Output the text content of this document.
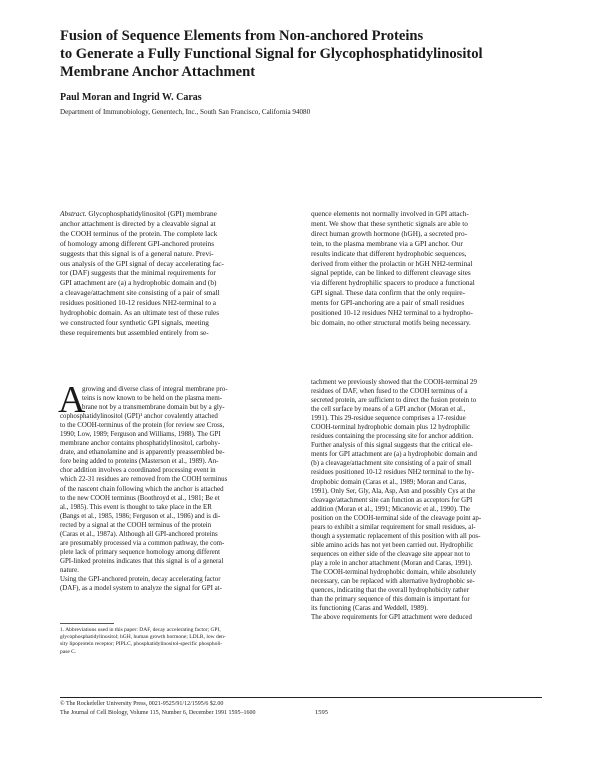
Fusion of Sequence Elements from Non-anchored Proteins
to Generate a Fully Functional Signal for Glycophosphatidylinositol
Membrane Anchor Attachment
Paul Moran and Ingrid W. Caras
Department of Immunobiology, Genentech, Inc., South San Francisco, California 94080
Abstract. Glycophosphatidylinositol (GPI) membrane
anchor attachment is directed by a cleavable signal at
the COOH terminus of the protein. The complete lack
of homology among different GPI-anchored proteins
suggests that this signal is of a general nature. Previ-
ous analysis of the GPI signal of decay accelerating fac-
tor (DAF) suggests that the minimal requirements for
GPI attachment are (a) a hydrophobic domain and (b)
a cleavage/attachment site consisting of a pair of small
residues positioned 10-12 residues NH2-terminal to a
hydrophobic domain. As an ultimate test of these rules
we constructed four synthetic GPI signals, meeting
these requirements but assembled entirely from se-
quence elements not normally involved in GPI attach-
ment. We show that these synthetic signals are able to
direct human growth hormone (hGH), a secreted pro-
tein, to the plasma membrane via a GPI anchor. Our
results indicate that different hydrophobic sequences,
derived from either the prolactin or hGH NH2-terminal
signal peptide, can be linked to different cleavage sites
via different hydrophilic spacers to produce a functional
GPI signal. These data confirm that the only require-
ments for GPI-anchoring are a pair of small residues
positioned 10-12 residues NH2 terminal to a hydropho-
bic domain, no other structural motifs being necessary.
A
growing and diverse class of integral membrane pro-
teins is now known to be held on the plasma mem-
brane not by a transmembrane domain but by a gly-
cophosphatidylinositol (GPI)¹ anchor covalently attached
to the COOH-terminus of the protein (for review see Cross,
1990; Low, 1989; Ferguson and Williams, 1988). The GPI
membrane anchor contains phosphatidylinositol, carbohy-
drate, and ethanolamine and is apparently preassembled be-
fore being added to proteins (Masterson et al., 1989). An-
chor addition involves a coordinated processing event in
which 22-31 residues are removed from the COOH terminus
of the nascent chain following which the anchor is attached
to the new COOH terminus (Boothroyd et al., 1981; Be et
al., 1985). This event is thought to take place in the ER
(Bangs et al., 1985, 1986; Ferguson et al., 1986) and is di-
rected by a signal at the COOH terminus of the protein
(Caras et al., 1987a). Although all GPI-anchored proteins
are presumably processed via a common pathway, the com-
plete lack of primary sequence homology among different
GPI-linked proteins indicates that this signal is of a general
nature.
Using the GPI-anchored protein, decay accelerating factor
(DAF), as a model system to analyze the signal for GPI at-
tachment we previously showed that the COOH-terminal 29
residues of DAF, when fused to the COOH terminus of a
secreted protein, are sufficient to direct the fusion protein to
the cell surface by means of a GPI anchor (Moran et al.,
1991). This 29-residue sequence comprises a 17-residue
COOH-terminal hydrophobic domain plus 12 hydrophilic
residues containing the processing site for anchor addition.
Further analysis of this signal suggests that the critical ele-
ments for GPI attachment are (a) a hydrophobic domain and
(b) a cleavage/attachment site consisting of a pair of small
residues positioned 10-12 residues NH2 terminal to the hy-
drophobic domain (Caras et al., 1989; Moran and Caras,
1991). Only Ser, Gly, Ala, Asp, Asn and possibly Cys at the
cleavage/attachment site can function as acceptors for GPI
addition (Moran et al., 1991; Micanovic et al., 1990). The
position on the COOH-terminal side of the cleavage point ap-
pears to exhibit a similar requirement for small residues, al-
though a systematic replacement of this position with all pos-
sible amino acids has not yet been carried out. Hydrophilic
sequences on either side of the cleavage site appear not to
play a role in anchor attachment (Moran and Caras, 1991).
The COOH-terminal hydrophobic domain, while absolutely
necessary, can be replaced with alternative hydrophobic se-
quences, indicating that the overall hydrophobicity rather
than the primary sequence of this domain is important for
its functioning (Caras and Weddell, 1989).
The above requirements for GPI attachment were deduced
1. Abbreviations used in this paper: DAF, decay accelerating factor; GPI,
glycophosphatidylinositol; hGH, human growth hormone; LDLR, low den-
sity lipoprotein receptor; PIPLC, phosphatidylinositol-specific phospholi-
pase C.
© The Rockefeller University Press, 0021-9525/91/12/1595/6 $2.00
The Journal of Cell Biology, Volume 115, Number 6, December 1991 1595–1600	1595
